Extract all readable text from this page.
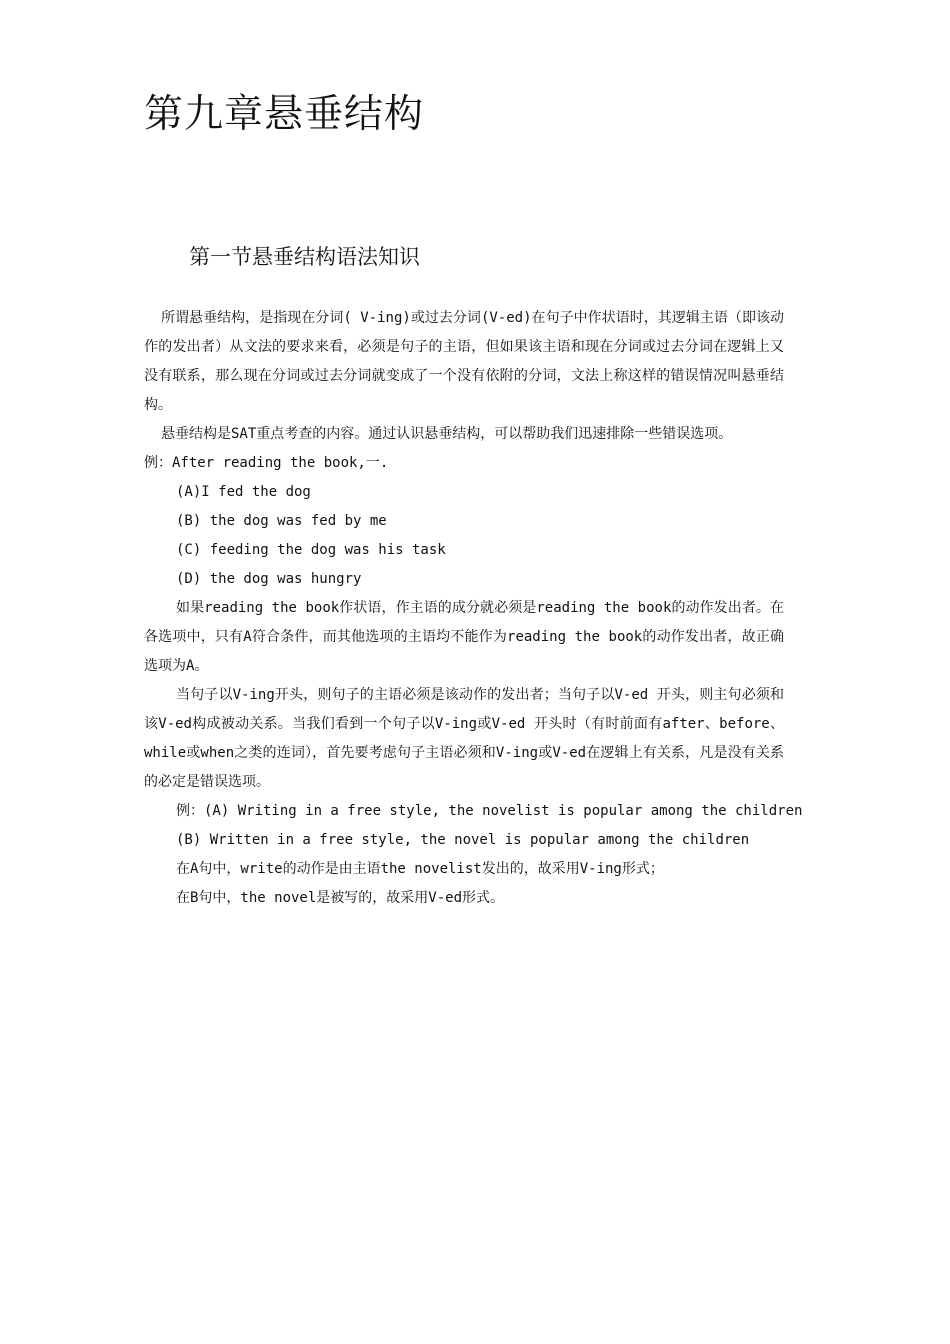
第九章悬垂结构
第一节悬垂结构语法知识

所谓悬垂结构，是指现在分词( V-ing)或过去分词(V-ed)在句子中作状语时，其逻辑主语（即该动作的发出者）从文法的要求来看，必须是句子的主语，但如果该主语和现在分词或过去分词在逻辑上又没有联系，那么现在分词或过去分词就变成了一个没有依附的分词，文法上称这样的错误情况叫悬垂结构。

悬垂结构是SAT重点考查的内容。通过认识悬垂结构，可以帮助我们迅速排除一些错误选项。

例：After reading the book,一.

(A)I fed the dog

(B) the dog was fed by me

(C) feeding the dog was his task

(D) the dog was hungry

如果reading the book作状语，作主语的成分就必须是reading the book的动作发出者。在各选项中，只有A符合条件，而其他选项的主语均不能作为reading the book的动作发出者，故正确选项为A。

当句子以V-ing开头，则句子的主语必须是该动作的发出者；当句子以V-ed 开头，则主句必须和该V-ed构成被动关系。当我们看到一个句子以V-ing或V-ed 开头时（有时前面有after、before、while或when之类的连词），首先要考虑句子主语必须和V-ing或V-ed在逻辑上有关系，凡是没有关系的必定是错误选项。

例：(A) Writing in a free style, the novelist is popular among the children

(B) Written in a free style, the novel is popular among the children

在A句中，write的动作是由主语the novelist发出的，故采用V-ing形式；

在B句中，the novel是被写的，故采用V-ed形式。
